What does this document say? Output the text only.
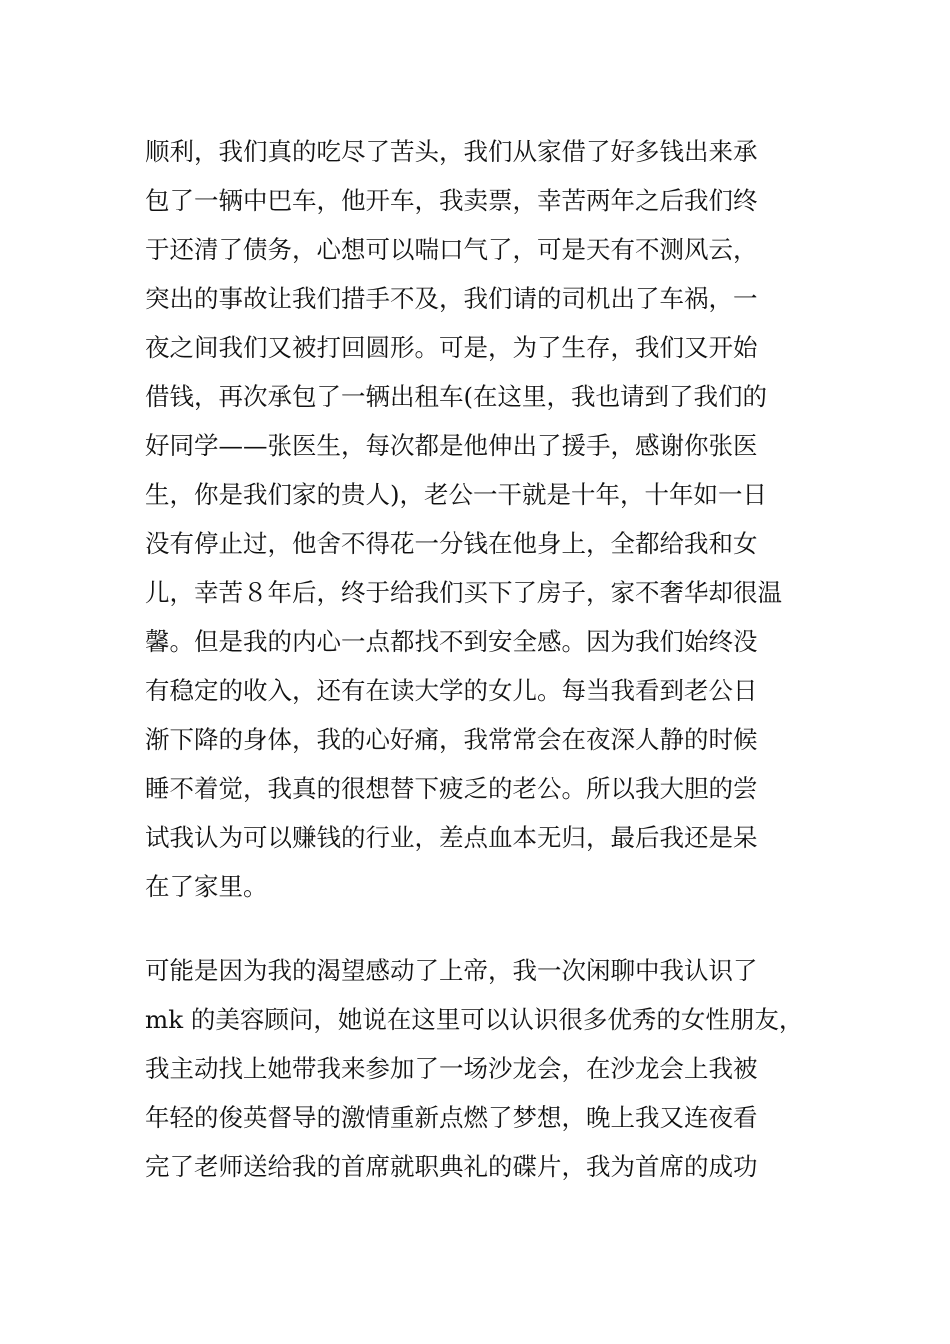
顺利，我们真的吃尽了苦头，我们从家借了好多钱出来承
包了一辆中巴车，他开车，我卖票，幸苦两年之后我们终
于还清了债务，心想可以喘口气了，可是天有不测风云，
突出的事故让我们措手不及，我们请的司机出了车祸，一
夜之间我们又被打回圆形。可是，为了生存，我们又开始
借钱，再次承包了一辆出租车(在这里，我也请到了我们的
好同学——张医生，每次都是他伸出了援手，感谢你张医
生，你是我们家的贵人)，老公一干就是十年，十年如一日
没有停止过，他舍不得花一分钱在他身上，全都给我和女
儿，幸苦８年后，终于给我们买下了房子，家不奢华却很温
馨。但是我的内心一点都找不到安全感。因为我们始终没
有稳定的收入，还有在读大学的女儿。每当我看到老公日
渐下降的身体，我的心好痛，我常常会在夜深人静的时候
睡不着觉，我真的很想替下疲乏的老公。所以我大胆的尝
试我认为可以赚钱的行业，差点血本无归，最后我还是呆
在了家里。
可能是因为我的渴望感动了上帝，我一次闲聊中我认识了
mk 的美容顾问，她说在这里可以认识很多优秀的女性朋友，
我主动找上她带我来参加了一场沙龙会，在沙龙会上我被
年轻的俊英督导的激情重新点燃了梦想，晚上我又连夜看
完了老师送给我的首席就职典礼的碟片，我为首席的成功
